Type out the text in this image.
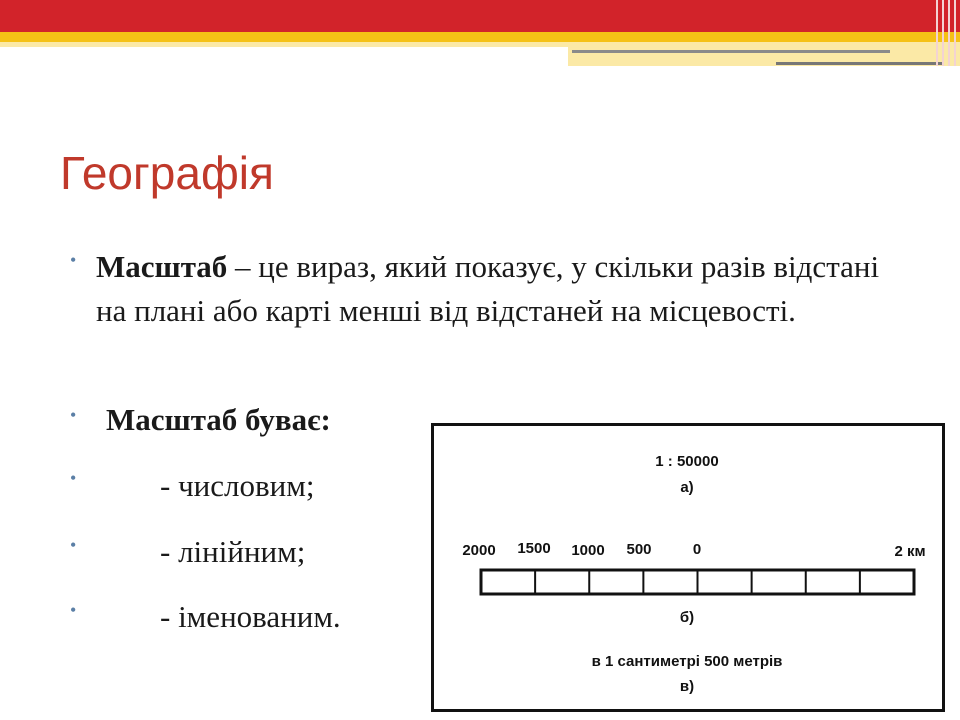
Географія
• Масштаб – це вираз, який показує, у скільки разів відстані на плані або карті менші від відстаней на місцевості.
• Масштаб буває:
•	- числовим;
•	- лінійним;
•	- іменованим.
1 : 50000
а)
2000 1500 1000 500	0	2 км
б)
в 1 сантиметрі 500 метрів
в)
